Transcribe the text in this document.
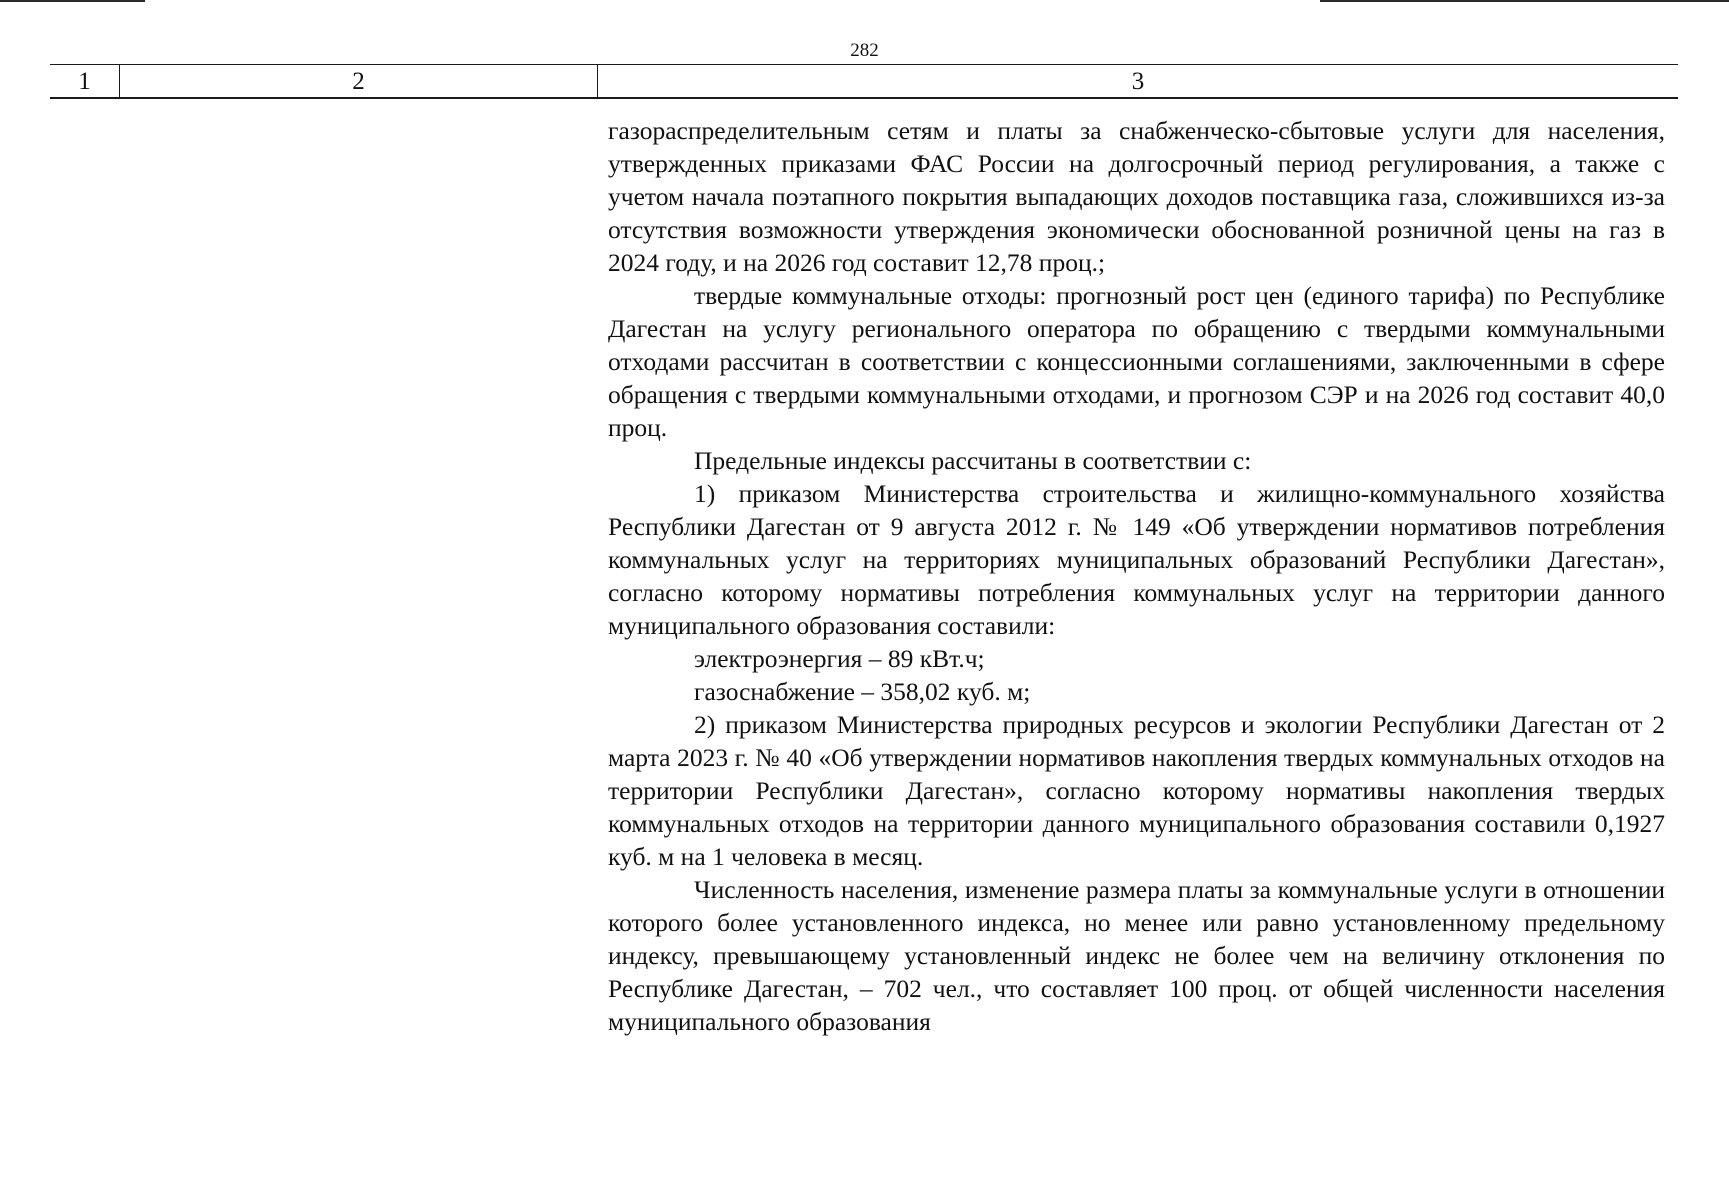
282
1	2	3

газораспределительным сетям и платы за снабженческо-сбытовые услуги для населения, утвержденных приказами ФАС России на долгосрочный период регулирования, а также с учетом начала поэтапного покрытия выпадающих доходов поставщика газа, сложившихся из-за отсутствия возможности утверждения экономически обоснованной розничной цены на газ в 2024 году, и на 2026 год составит 12,78 проц.;

твердые коммунальные отходы: прогнозный рост цен (единого тарифа) по Республике Дагестан на услугу регионального оператора по обращению с твердыми коммунальными отходами рассчитан в соответствии с концессионными соглашениями, заключенными в сфере обращения с твердыми коммунальными отходами, и прогнозом СЭР и на 2026 год составит 40,0 проц.

Предельные индексы рассчитаны в соответствии с:

1) приказом Министерства строительства и жилищно-коммунального хозяйства Республики Дагестан от 9 августа 2012 г. № 149 «Об утверждении нормативов потребления коммунальных услуг на территориях муниципальных образований Республики Дагестан», согласно которому нормативы потребления коммунальных услуг на территории данного муниципального образования составили:

электроэнергия – 89 кВт.ч;

газоснабжение – 358,02 куб. м;

2) приказом Министерства природных ресурсов и экологии Республики Дагестан от 2 марта 2023 г. № 40 «Об утверждении нормативов накопления твердых коммунальных отходов на территории Республики Дагестан», согласно которому нормативы накопления твердых коммунальных отходов на территории данного муниципального образования составили 0,1927 куб. м на 1 человека в месяц.

Численность населения, изменение размера платы за коммунальные услуги в отношении которого более установленного индекса, но менее или равно установленному предельному индексу, превышающему установленный индекс не более чем на величину отклонения по Республике Дагестан, – 702 чел., что составляет 100 проц. от общей численности населения муниципального образования
